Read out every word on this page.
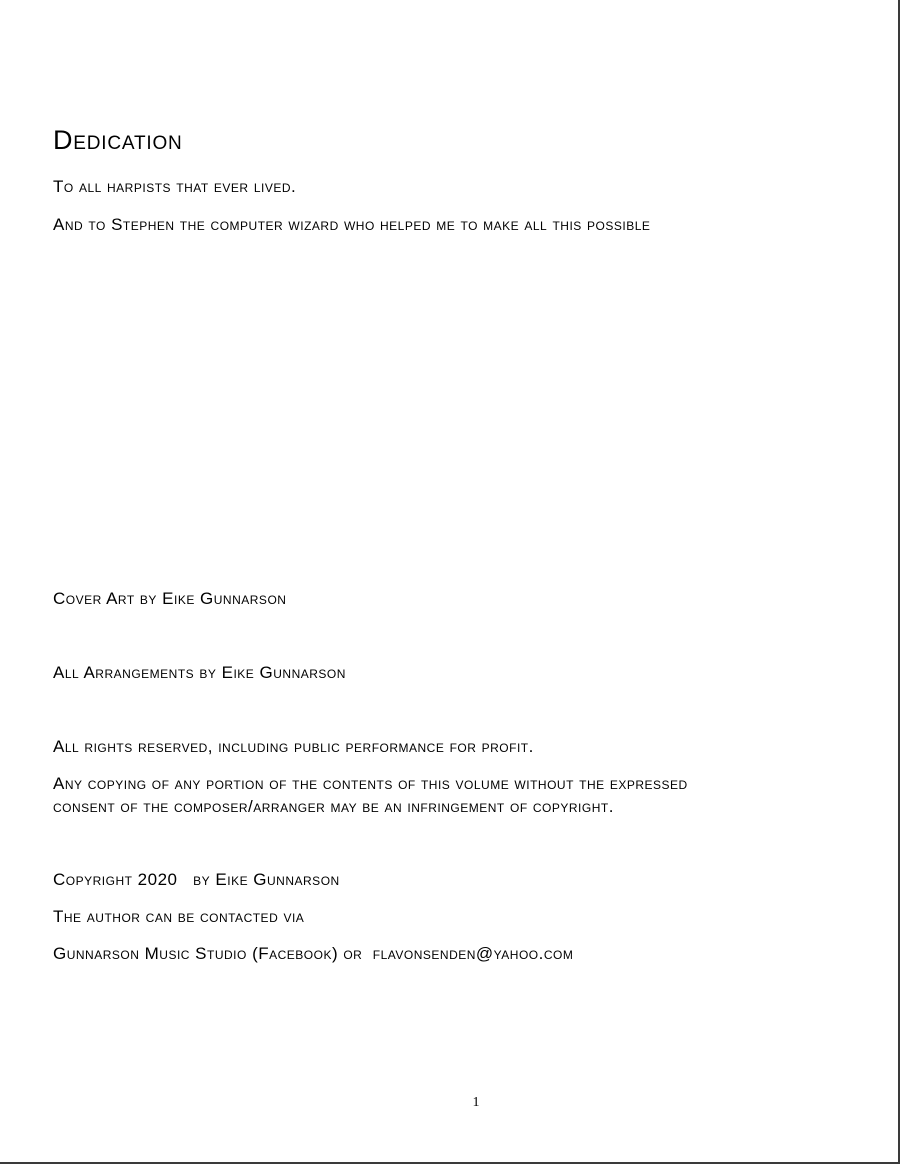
Dedication
To all harpists that ever lived.
And to Stephen the computer wizard who helped me to make all this possible
Cover Art by Eike Gunnarson
All Arrangements by Eike Gunnarson
All rights reserved, including public performance for profit.
Any copying of any portion of the contents of this volume without the expressed
consent of the composer/arranger may be an infringement of copyright.
Copyright 2020   by Eike Gunnarson
The author can be contacted via
Gunnarson Music Studio (Facebook) or  flavonsenden@yahoo.com
1
